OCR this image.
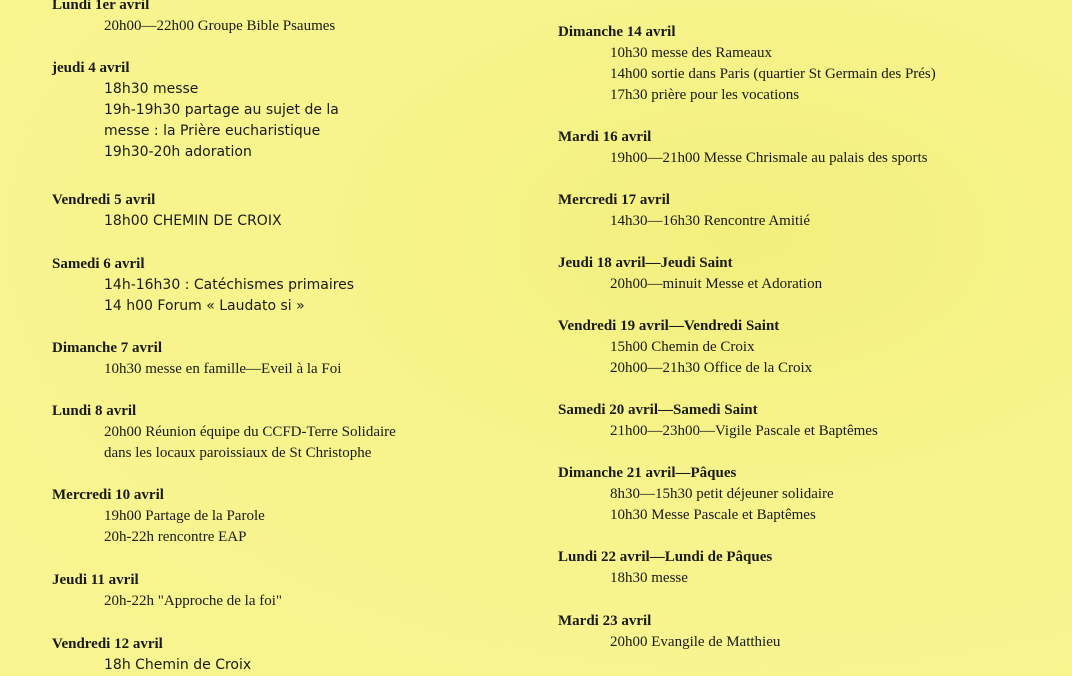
Lundi 1er avril
20h00—22h00 Groupe Bible Psaumes
jeudi 4 avril
18h30 messe
19h-19h30 partage au sujet de la
messe : la Prière eucharistique
19h30-20h adoration
Vendredi 5 avril
18h00 CHEMIN DE CROIX
Samedi 6 avril
14h-16h30 : Catéchismes primaires
14 h00 Forum « Laudato si »
Dimanche 7 avril
10h30 messe en famille—Eveil à la Foi
Lundi 8 avril
20h00 Réunion équipe du CCFD-Terre Solidaire
dans les locaux paroissiaux de St Christophe
Mercredi 10 avril
19h00 Partage de la Parole
20h-22h rencontre EAP
Jeudi 11 avril
20h-22h "Approche de la foi"
Vendredi 12 avril
18h Chemin de Croix
Dimanche 14 avril
10h30 messe des Rameaux
14h00 sortie dans Paris (quartier St Germain des Prés)
17h30 prière pour les vocations
Mardi 16 avril
19h00—21h00 Messe Chrismale au palais des sports
Mercredi 17 avril
14h30—16h30 Rencontre Amitié
Jeudi 18 avril—Jeudi Saint
20h00—minuit Messe et Adoration
Vendredi 19 avril—Vendredi Saint
15h00 Chemin de Croix
20h00—21h30 Office de la Croix
Samedi 20 avril—Samedi Saint
21h00—23h00—Vigile Pascale et Baptêmes
Dimanche 21 avril—Pâques
8h30—15h30 petit déjeuner solidaire
10h30 Messe Pascale et Baptêmes
Lundi 22 avril—Lundi de Pâques
18h30 messe
Mardi 23 avril
20h00 Evangile de Matthieu
